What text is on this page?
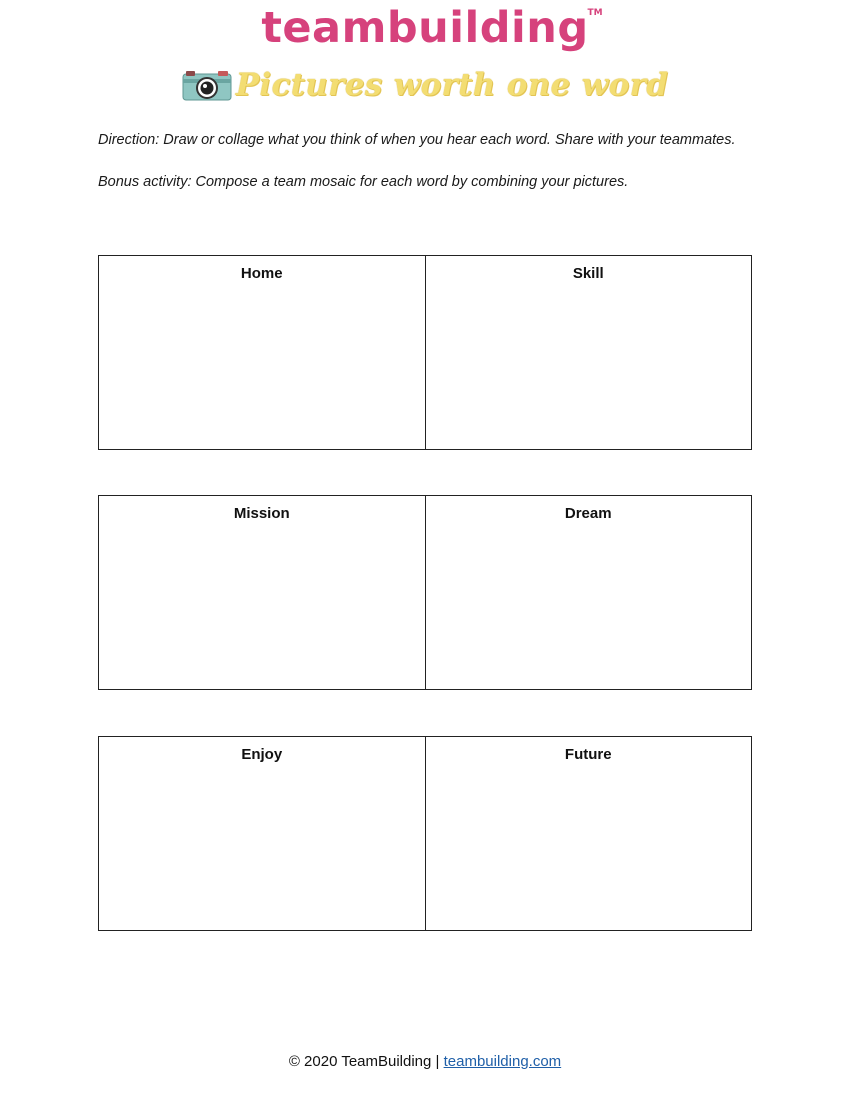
teambuilding
TM
Pictures worth one word

Direction: Draw or collage what you think of when you hear each word. Share with your teammates.

Bonus activity: Compose a team mosaic for each word by combining your pictures.

Home	Skill
Mission	Dream
Enjoy	Future
© 2020 TeamBuilding | teambuilding.com
